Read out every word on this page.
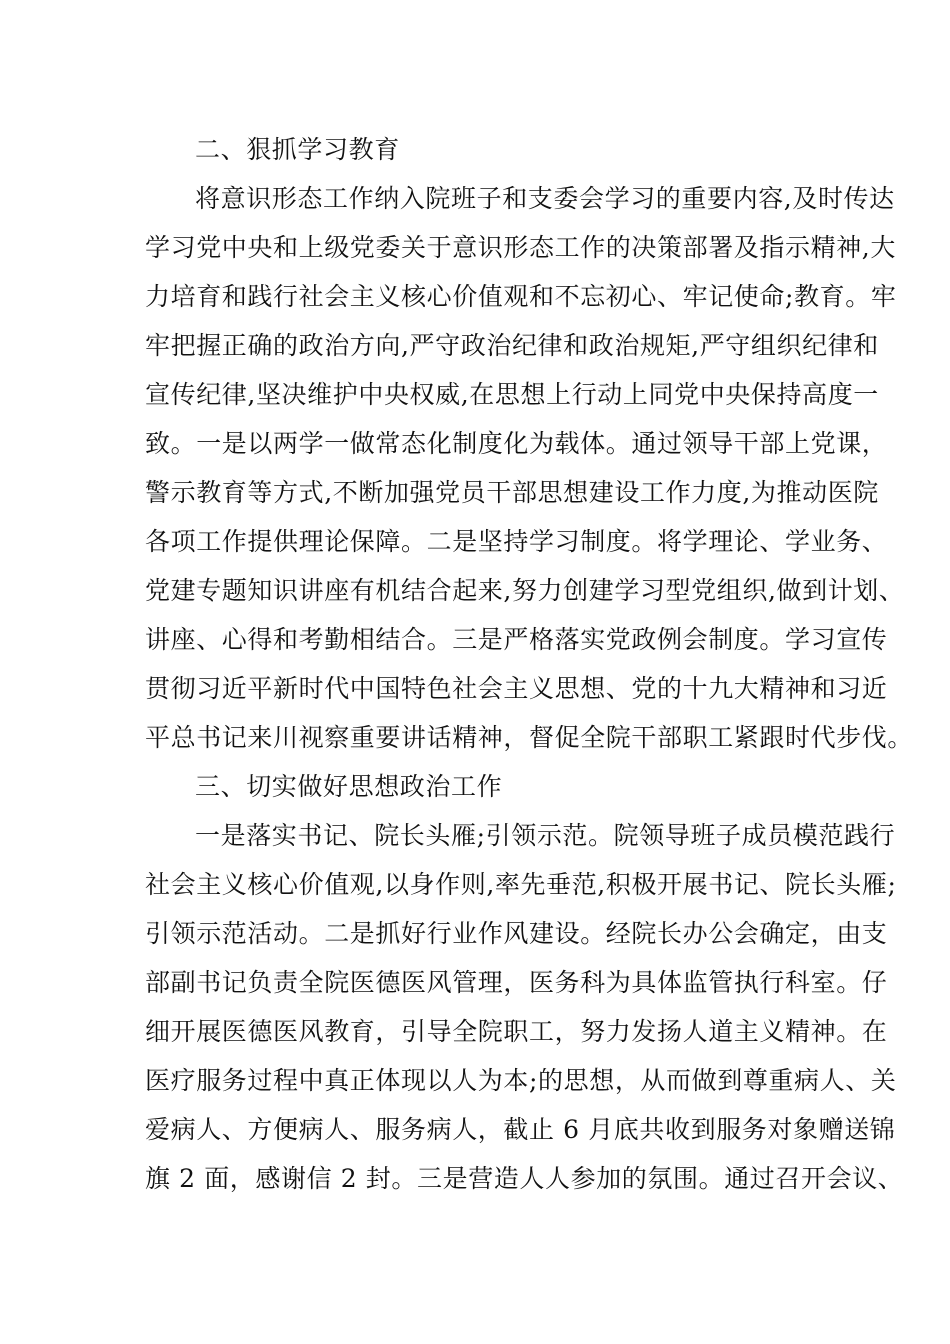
二、狠抓学习教育
将意识形态工作纳入院班子和支委会学习的重要内容,及时传达
学习党中央和上级党委关于意识形态工作的决策部署及指示精神,大
力培育和践行社会主义核心价值观和不忘初心、牢记使命;教育。牢
牢把握正确的政治方向,严守政治纪律和政治规矩,严守组织纪律和
宣传纪律,坚决维护中央权威,在思想上行动上同党中央保持高度一
致。一是以两学一做常态化制度化为载体。通过领导干部上党课，
警示教育等方式,不断加强党员干部思想建设工作力度,为推动医院
各项工作提供理论保障。二是坚持学习制度。将学理论、学业务、
党建专题知识讲座有机结合起来,努力创建学习型党组织,做到计划、
讲座、心得和考勤相结合。三是严格落实党政例会制度。学习宣传
贯彻习近平新时代中国特色社会主义思想、党的十九大精神和习近
平总书记来川视察重要讲话精神，督促全院干部职工紧跟时代步伐。
三、切实做好思想政治工作
一是落实书记、院长头雁;引领示范。院领导班子成员模范践行
社会主义核心价值观,以身作则,率先垂范,积极开展书记、院长头雁;
引领示范活动。二是抓好行业作风建设。经院长办公会确定，由支
部副书记负责全院医德医风管理，医务科为具体监管执行科室。仔
细开展医德医风教育，引导全院职工，努力发扬人道主义精神。在
医疗服务过程中真正体现以人为本;的思想，从而做到尊重病人、关
爱病人、方便病人、服务病人，截止 6 月底共收到服务对象赠送锦
旗 2 面，感谢信 2 封。三是营造人人参加的氛围。通过召开会议、
